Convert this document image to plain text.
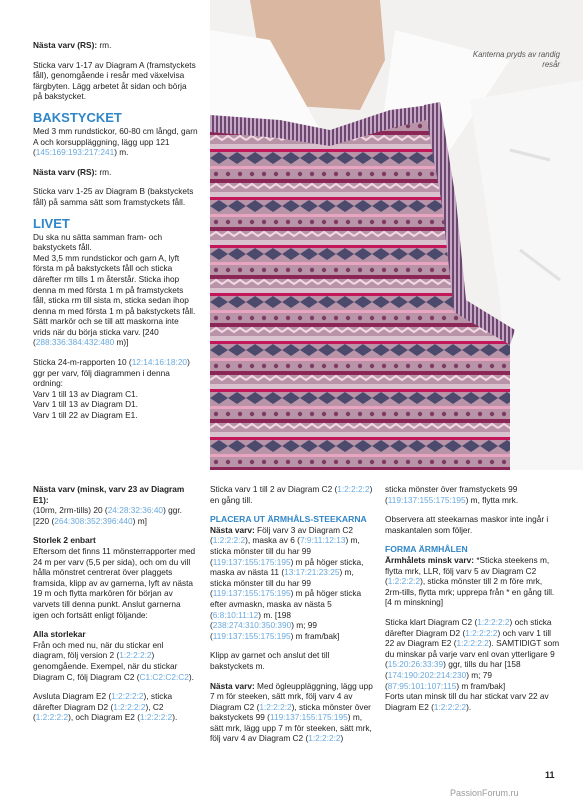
Kanterna pryds av randig resår

Nästa varv (RS): rm.

Sticka varv 1-17 av Diagram A (framstyckets fåll), genomgående i resår med växelvisa färgbyten. Lägg arbetet åt sidan och börja på bakstycket.

BAKSTYCKET

Med 3 mm rundstickor, 60-80 cm långd, garn A och korsuppläggning, lägg upp 121 (145:169:193:217:241) m.

Nästa varv (RS): rm.

Sticka varv 1-25 av Diagram B (bakstyckets fåll) på samma sätt som framstyckets fåll.

LIVET

Du ska nu sätta samman fram- och bakstyckets fåll.

Med 3,5 mm rundstickor och garn A, lyft första m på bakstyckets fåll och sticka därefter rm tills 1 m återstår. Sticka ihop denna m med första 1 m på framstyckets fåll, sticka rm till sista m, sticka sedan ihop denna m med första 1 m på bakstyckets fåll. Sätt markör och se till att maskorna inte vrids när du börja sticka varv. [240 (288:336:384:432:480 m)]

Sticka 24-m-rapporten 10 (12:14:16:18:20) ggr per varv, följ diagrammen i denna ordning:

Varv 1 till 13 av Diagram C1.
Varv 1 till 13 av Diagram D1.
Varv 1 till 22 av Diagram E1.

Nästa varv (minsk, varv 23 av Diagram E1):

(10rm, 2rm-tills) 20 (24:28:32:36:40) ggr. [220 (264:308:352:396:440) m]

Storlek 2 enbart

Eftersom det finns 11 mönsterrapporter med 24 m per varv (5,5 per sida), och om du vill hålla mönstret centrerat över plaggets framsida, klipp av av garnerna, lyft av nästa 19 m och flytta markören för början av varvets till denna punkt. Anslut garnerna igen och fortsätt enligt följande:

Alla storlekar

Från och med nu, när du stickar enl diagram, följ version 2 (1:2:2:2:2) genomgående. Exempel, när du stickar Diagram C, följ Diagram C2 (C1:C2:C2:C2).

Avsluta Diagram E2 (1:2:2:2:2), sticka därefter Diagram D2 (1:2:2:2:2), C2 (1:2:2:2:2), och Diagram E2 (1:2:2:2:2).

Sticka varv 1 till 2 av Diagram C2 (1:2:2:2:2) en gång till.

PLACERA UT ÄRMHÅLS-STEEKARNA

Nästa varv: Följ varv 3 av Diagram C2 (1:2:2:2:2), maska av 6 (7:9:11:12:13) m, sticka mönster till du har 99 (119:137:155:175:195) m på höger sticka, maska av nästa 11 (13:17:21:23:25) m, sticka mönster till du har 99 (119:137:155:175:195) m på höger sticka efter avmaskn, maska av nästa 5 (6:8:10:11:12) m. [198 (238:274:310:350:390) m; 99 (119:137:155:175:195) m fram/bak]

Klipp av garnet och anslut det till bakstyckets m.

Nästa varv: Med ögleuppläggning, lägg upp 7 m för steeken, sätt mrk, följ varv 4 av Diagram C2 (1:2:2:2:2), sticka mönster över bakstyckets 99 (119:137:155:175:195) m, sätt mrk, lägg upp 7 m för steeken, sätt mrk, följ varv 4 av Diagram C2 (1:2:2:2:2)

sticka mönster över framstyckets 99 (119:137:155:175:195) m, flytta mrk.

Observera att steekarnas maskor inte ingår i maskantalen som följer.

FORMA ÄRMHÅLEN

Ärmhålets minsk varv: *Sticka steekens m, flytta mrk, LLR, följ varv 5 av Diagram C2 (1:2:2:2:2), sticka mönster till 2 m före mrk, 2rm-tills, flytta mrk; upprepa från * en gång till. [4 m minskning]

Sticka klart Diagram C2 (1:2:2:2:2) och sticka därefter Diagram D2 (1:2:2:2:2) och varv 1 till 22 av Diagram E2 (1:2:2:2:2). SAMTIDIGT som du minskar på varje varv enl ovan ytterligare 9 (15:20:26:33:39) ggr, tills du har [158 (174:190:202:214:230) m; 79 (87:95:101:107:115) m fram/bak]

Forts utan minsk till du har stickat varv 22 av Diagram E2 (1:2:2:2:2).

11
PassionForum.ru
